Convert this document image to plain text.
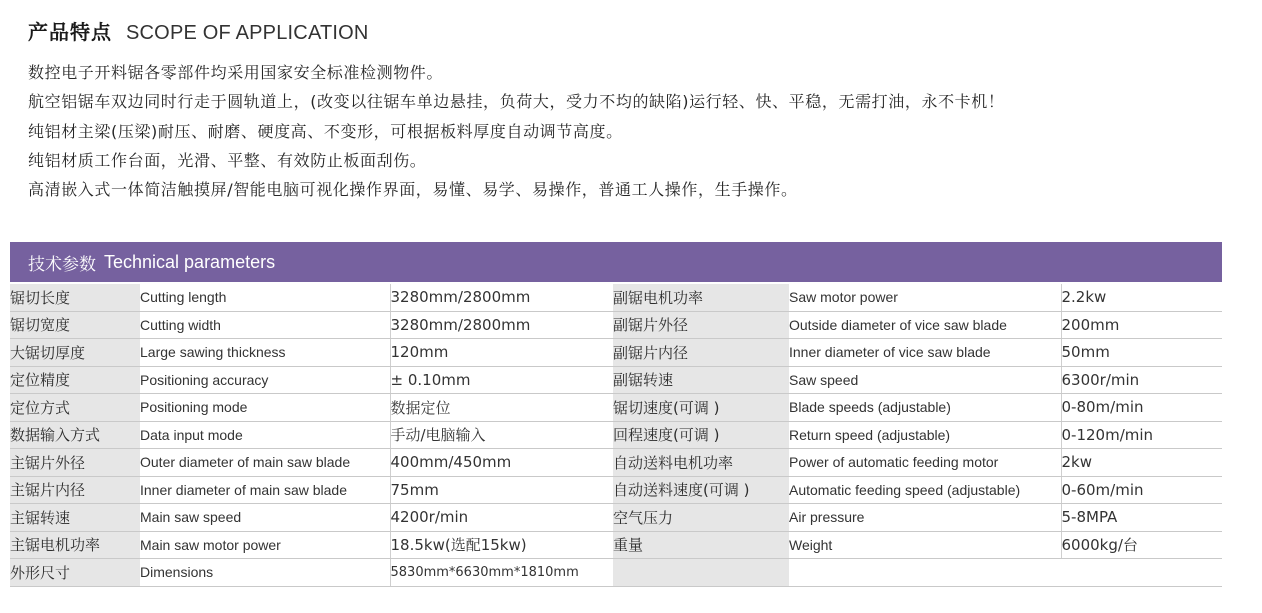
产品特点 SCOPE OF APPLICATION
数控电子开料锯各零部件均采用国家安全标准检测物件。
航空铝锯车双边同时行走于圆轨道上，(改变以往锯车单边悬挂，负荷大，受力不均的缺陷)运行轻、快、平稳，无需打油，永不卡机！
纯铝材主梁(压梁)耐压、耐磨、硬度高、不变形，可根据板料厚度自动调节高度。
纯铝材质工作台面，光滑、平整、有效防止板面刮伤。
高清嵌入式一体简洁触摸屏/智能电脑可视化操作界面，易懂、易学、易操作，普通工人操作，生手操作。
技术参数 Technical parameters
锯切长度	Cutting length	3280mm/2800mm	副锯电机功率	Saw motor power	2.2kw
锯切宽度	Cutting width	3280mm/2800mm	副锯片外径	Outside diameter of vice saw blade	200mm
大锯切厚度	Large sawing thickness	120mm	副锯片内径	Inner diameter of vice saw blade	50mm
定位精度	Positioning accuracy	± 0.10mm	副锯转速	Saw speed	6300r/min
定位方式	Positioning mode	数据定位	锯切速度(可调 )	Blade speeds (adjustable)	0-80m/min
数据输入方式	Data input mode	手动/电脑输入	回程速度(可调 )	Return speed (adjustable)	0-120m/min
主锯片外径	Outer diameter of main saw blade	400mm/450mm	自动送料电机功率	Power of automatic feeding motor	2kw
主锯片内径	Inner diameter of main saw blade	75mm	自动送料速度(可调 )	Automatic feeding speed (adjustable)	0-60m/min
主锯转速	Main saw speed	4200r/min	空气压力	Air pressure	5-8MPA
主锯电机功率	Main saw motor power	18.5kw(选配15kw)	重量	Weight	6000kg/台
外形尺寸	Dimensions	5830mm*6630mm*1810mm			
